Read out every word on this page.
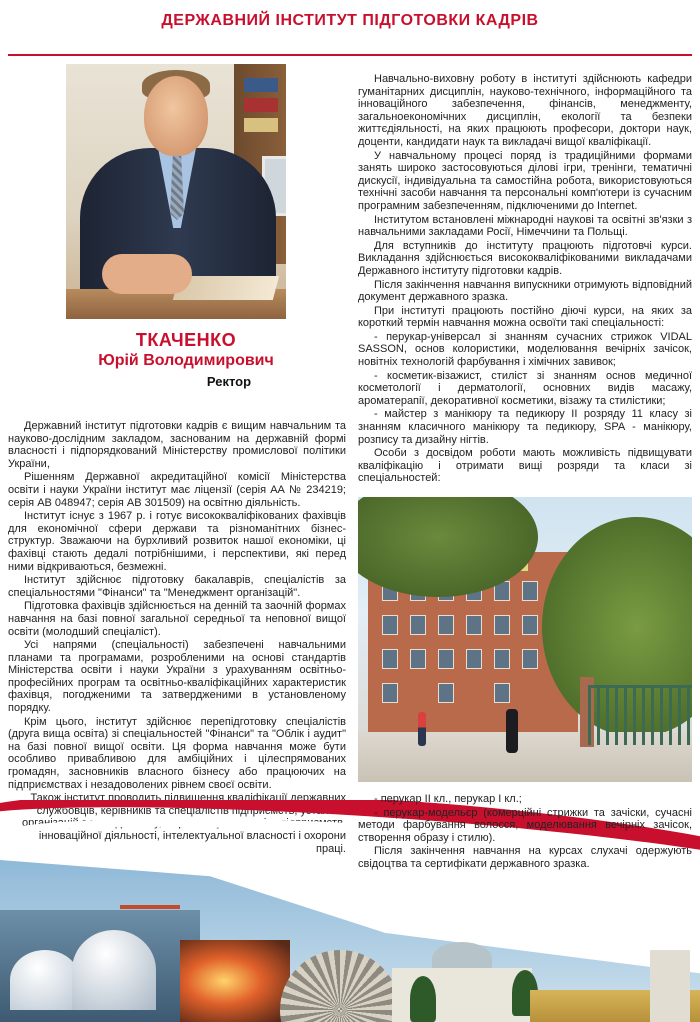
ДЕРЖАВНИЙ ІНСТИТУТ ПІДГОТОВКИ КАДРІВ
ТКАЧЕНКО
Юрій Володимирович
Ректор

Державний інститут підготовки кадрів є вищим навчальним та науково-дослідним закладом, заснованим на державній формі власності і підпорядкований Міністерству промислової політики України,

Рішенням Державної акредитаційної комісії Міністерства освіти і науки України інститут має ліцензії (серія АА № 234219; серія АВ 048947; серія АВ 301509) на освітню діяльність.

Інститут існує з 1967 р. і готує висококваліфікованих фахівців для економічної сфери держави та різноманітних бізнес-структур. Зважаючи на бурхливий розвиток нашої економіки, ці фахівці стають дедалі потрібнішими, і перспективи, які перед ними відкриваються, безмежні.

Інститут здійснює підготовку бакалаврів, спеціалістів за спеціальностями "Фінанси" та "Менеджмент організацій".

Підготовка фахівців здійснюється на денній та заочній формах навчання на базі повної загальної середньої та неповної вищої освіти (молодший спеціаліст).

Усі напрями (спеціальності) забезпечені навчальними планами та програмами, розробленими на основі стандартів Міністерства освіти і науки України з урахуванням освітньо-професійних програм та освітньо-кваліфікаційних характеристик фахівця, погодженими та затвердженими в установленому порядку.

Крім цього, інститут здійснює перепідготовку спеціалістів (друга вища освіта) зі спеціальностей "Фінанси" та "Облік і аудит" на базі повної вищої освіти. Ця форма навчання може бути особливо привабливою для амбіційних і цілеспрямованих громадян, засновників власного бізнесу або працюючих на підприємствах і незадоволених рівнем своєї освіти.

Також інститут проводить підвищення кваліфікації державних службовців, керівників та спеціалістів підприємств, установ і організацій з менеджменту, маркетингу, економіки підприємств, інноваційної діяльності, інтелектуальної власності і охорони праці.

Навчально-виховну роботу в інституті здійснюють кафедри гуманітарних дисциплін, науково-технічного, інформаційного та інноваційного забезпечення, фінансів, менеджменту, загальноекономічних дисциплін, екології та безпеки життєдіяльності, на яких працюють професори, доктори наук, доценти, кандидати наук та викладачі вищої кваліфікації.

У навчальному процесі поряд із традиційними формами занять широко застосовуються ділові ігри, тренінги, тематичні дискусії, індивідуальна та самостійна робота, використовуються технічні засоби навчання та персональні комп'ютери із сучасним програмним забезпеченням, підключеними до Internet.

Інститутом встановлені міжнародні наукові та освітні зв'язки з навчальними закладами Росії, Німеччини та Польщі.

Для вступників до інституту працюють підготовчі курси. Викладання здійснюється висококваліфікованими викладачами Державного інституту підготовки кадрів.

Після закінчення навчання випускники отримують відповідний документ державного зразка.

При інституті працюють постійно діючі курси, на яких за короткий термін навчання можна освоїти такі спеціальності:

- перукар-універсал зі знанням сучасних стрижок VIDAL SASSON, основ колористики, моделювання вечірніх зачісок, новітніх технологій фарбування і хімічних завивок;

- косметик-візажист, стиліст зі знанням основ медичної косметології і дерматології, основних видів масажу, ароматерапії, декоративної косметики, візажу та стилістики;

- майстер з манікюру та педикюру ІІ розряду 11 класу зі знанням класичного манікюру та педикюру, SPA - манікюру, розпису та дизайну нігтів.

Особи з досвідом роботи мають можливість підвищувати кваліфікацію і отримати вищі розряди та класи зі спеціальностей:

- перукар ІІ кл., перукар І кл.;

- перукар-модельєр (комерційні стрижки та зачіски, сучасні методи фарбування волосся, моделювання вечірніх зачісок, створення образу і стилю).

Після закінчення навчання на курсах слухачі одержують свідоцтва та сертифікати державного зразка.
